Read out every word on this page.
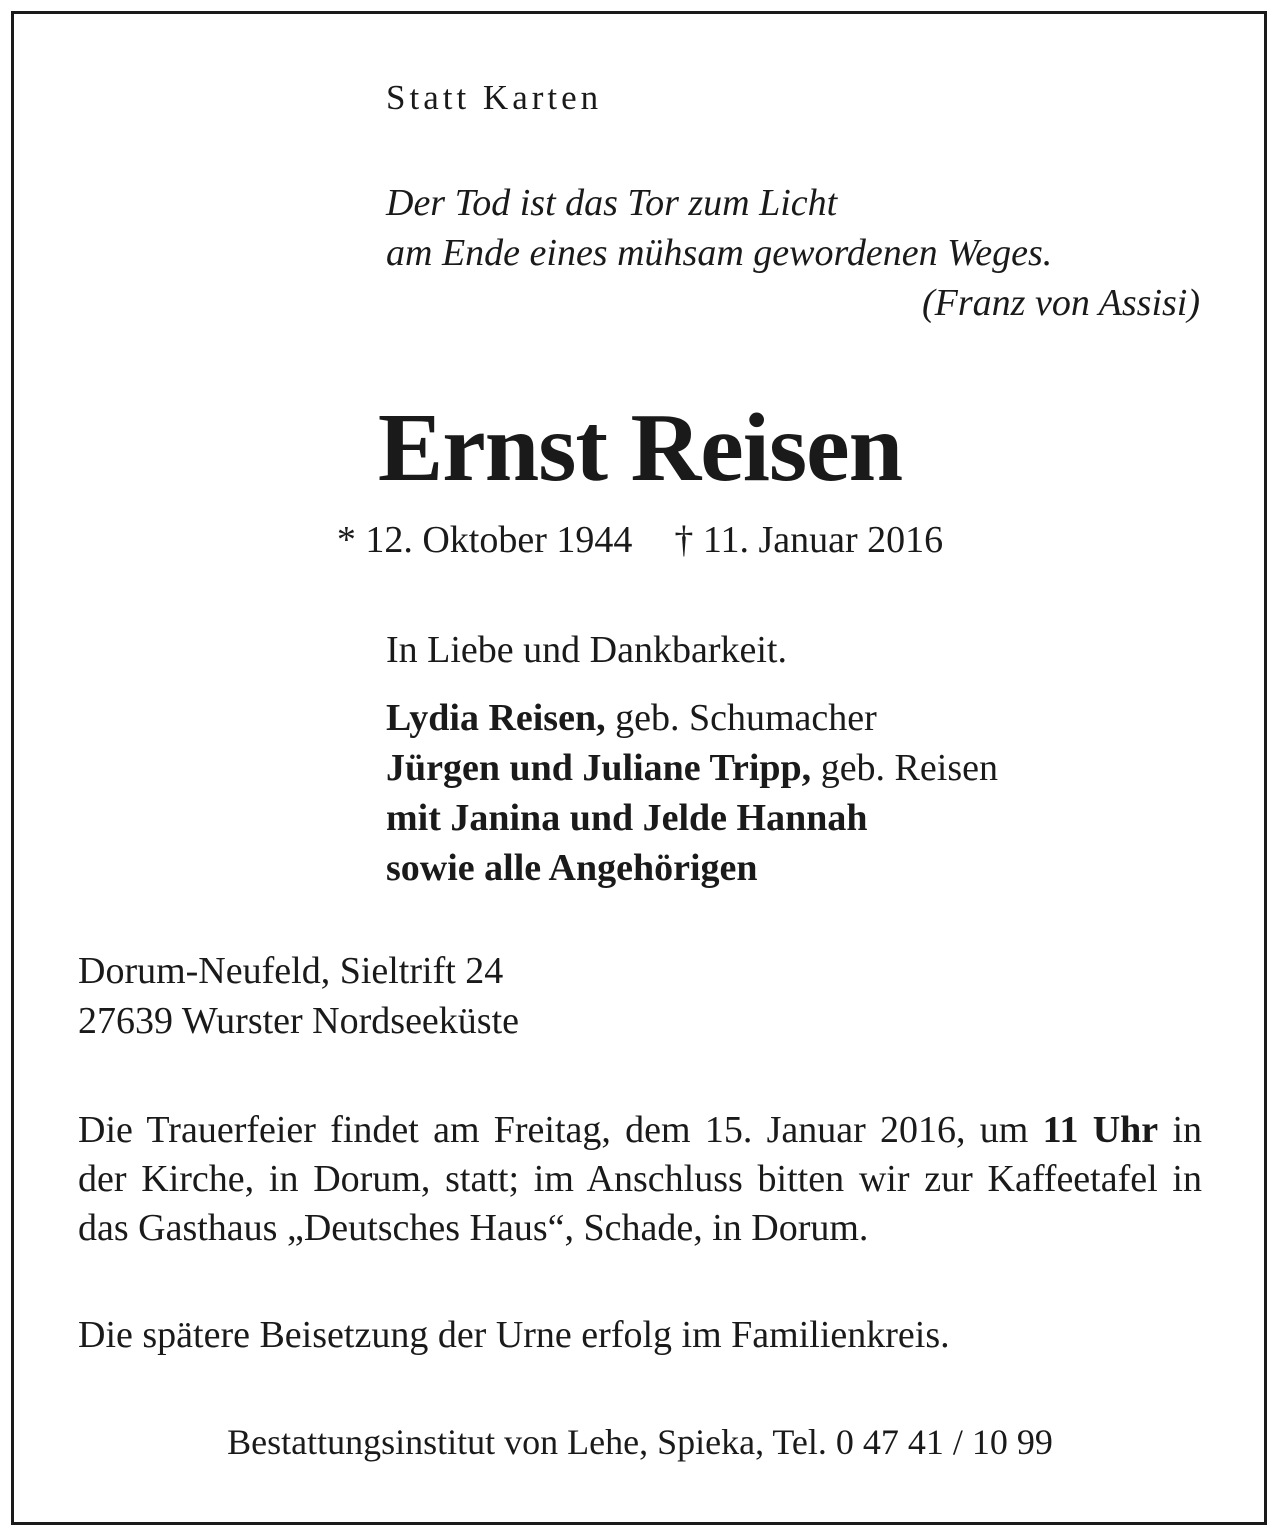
Statt Karten

Der Tod ist das Tor zum Licht
am Ende eines mühsam gewordenen Weges.

(Franz von Assisi)

Ernst Reisen

* 12. Oktober 1944 † 11. Januar 2016

In Liebe und Dankbarkeit.

Lydia Reisen, geb. Schumacher
Jürgen und Juliane Tripp, geb. Reisen
mit Janina und Jelde Hannah
sowie alle Angehörigen
Dorum-Neufeld, Sieltrift 24
27639 Wurster Nordseeküste

Die Trauerfeier findet am Freitag, dem 15. Januar 2016, um 11 Uhr in der Kirche, in Dorum, statt; im Anschluss bitten wir zur Kaffeetafel in das Gasthaus „Deutsches Haus“, Schade, in Dorum.

Die spätere Beisetzung der Urne erfolg im Familienkreis.

Bestattungsinstitut von Lehe, Spieka, Tel. 0 47 41 / 10 99
